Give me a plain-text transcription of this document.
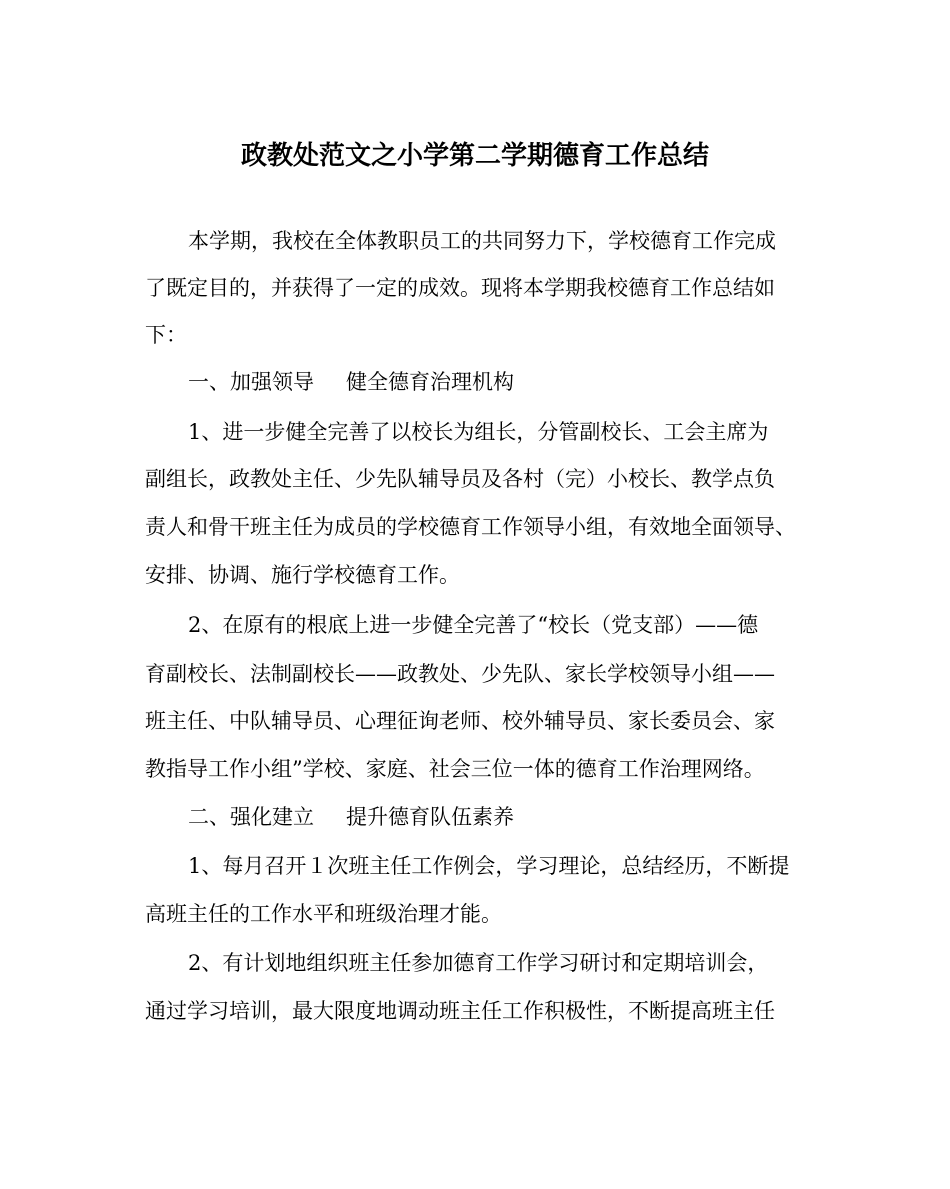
政教处范文之小学第二学期德育工作总结
本学期，我校在全体教职员工的共同努力下，学校德育工作完成
了既定目的，并获得了一定的成效。现将本学期我校德育工作总结如
下：
一、加强领导 健全德育治理机构
1、进一步健全完善了以校长为组长，分管副校长、工会主席为
副组长，政教处主任、少先队辅导员及各村（完）小校长、教学点负
责人和骨干班主任为成员的学校德育工作领导小组，有效地全面领导、
安排、协调、施行学校德育工作。
2、在原有的根底上进一步健全完善了“校长（党支部）——德
育副校长、法制副校长——政教处、少先队、家长学校领导小组——
班主任、中队辅导员、心理征询老师、校外辅导员、家长委员会、家
教指导工作小组”学校、家庭、社会三位一体的德育工作治理网络。
二、强化建立 提升德育队伍素养
1、每月召开１次班主任工作例会，学习理论，总结经历，不断提
高班主任的工作水平和班级治理才能。
2、有计划地组织班主任参加德育工作学习研讨和定期培训会，
通过学习培训，最大限度地调动班主任工作积极性，不断提高班主任
